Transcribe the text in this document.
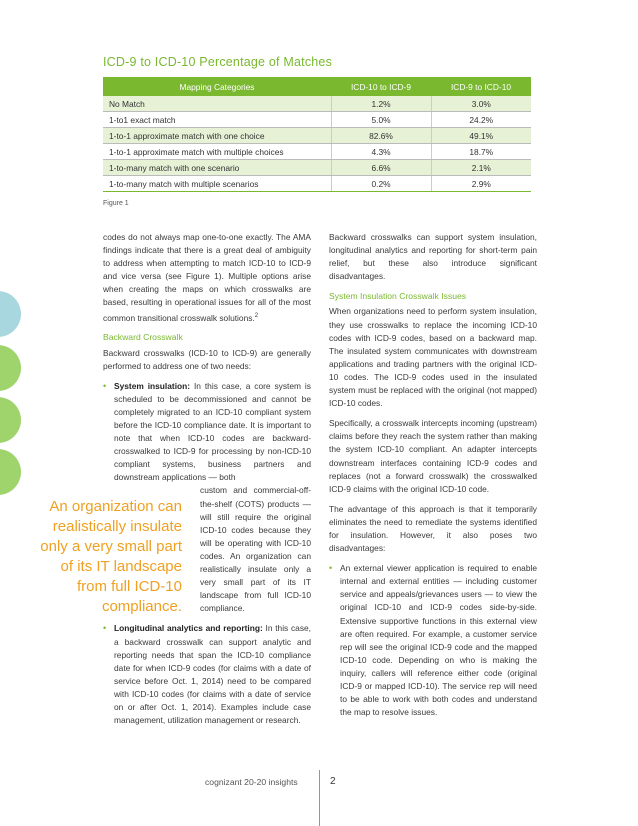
ICD-9 to ICD-10 Percentage of Matches
Mapping Categories	ICD-10 to ICD-9	ICD-9 to ICD-10
No Match	1.2%	3.0%
1-to1 exact match	5.0%	24.2%
1-to-1 approximate match with one choice	82.6%	49.1%
1-to-1 approximate match with multiple choices	4.3%	18.7%
1-to-many match with one scenario	6.6%	2.1%
1-to-many match with multiple scenarios	0.2%	2.9%
Figure 1

codes do not always map one-to-one exactly. The AMA findings indicate that there is a great deal of ambiguity to address when attempting to match ICD-10 to ICD-9 and vice versa (see Figure 1). Multiple options arise when creating the maps on which crosswalks are based, resulting in operational issues for all of the most common transitional crosswalk solutions.$^2$

Backward Crosswalk

Backward crosswalks (ICD-10 to ICD-9) are generally performed to address one of two needs:

• System insulation: In this case, a core system is scheduled to be decommissioned and cannot be completely migrated to an ICD-10 compliant system before the ICD-10 compliance date. It is important to note that when ICD-10 codes are backward-crosswalked to ICD-9 for processing by non-ICD-10 compliant systems, business partners and downstream applications — both
custom and commercial-off-the-shelf (COTS) products — will still require the original ICD-10 codes because they will be operating with ICD-10 codes. An organization can realistically insulate only a very small part of its IT landscape from full ICD-10 compliance.
• Longitudinal analytics and reporting: In this case, a backward crosswalk can support analytic and reporting needs that span the ICD-10 compliance date for when ICD-9 codes (for claims with a date of service before Oct. 1, 2014) need to be compared with ICD-10 codes (for claims with a date of service on or after Oct. 1, 2014). Examples include case management, utilization management or research.
An organization can realistically insulate only a very small part of its IT landscape from full ICD-10 compliance.

Backward crosswalks can support system insulation, longitudinal analytics and reporting for short-term pain relief, but these also introduce significant disadvantages.

System Insulation Crosswalk Issues

When organizations need to perform system insulation, they use crosswalks to replace the incoming ICD-10 codes with ICD-9 codes, based on a backward map. The insulated system communicates with downstream applications and trading partners with the original ICD-10 codes. The ICD-9 codes used in the insulated system must be replaced with the original (not mapped) ICD-10 codes.

Specifically, a crosswalk intercepts incoming (upstream) claims before they reach the system rather than making the system ICD-10 compliant. An adapter intercepts downstream interfaces containing ICD-9 codes and replaces (not a forward crosswalk) the crosswalked ICD-9 claims with the original ICD-10 code.

The advantage of this approach is that it temporarily eliminates the need to remediate the systems identified for insulation. However, it also poses two disadvantages:

• An external viewer application is required to enable internal and external entities — including customer service and appeals/grievances users — to view the original ICD-10 and ICD-9 codes side-by-side. Extensive supportive functions in this external view are often required. For example, a customer service rep will see the original ICD-9 code and the mapped ICD-10 code. Depending on who is making the inquiry, callers will reference either code (original ICD-9 or mapped ICD-10). The service rep will need to be able to work with both codes and understand the map to resolve issues.
cognizant 20-20 insights	2
